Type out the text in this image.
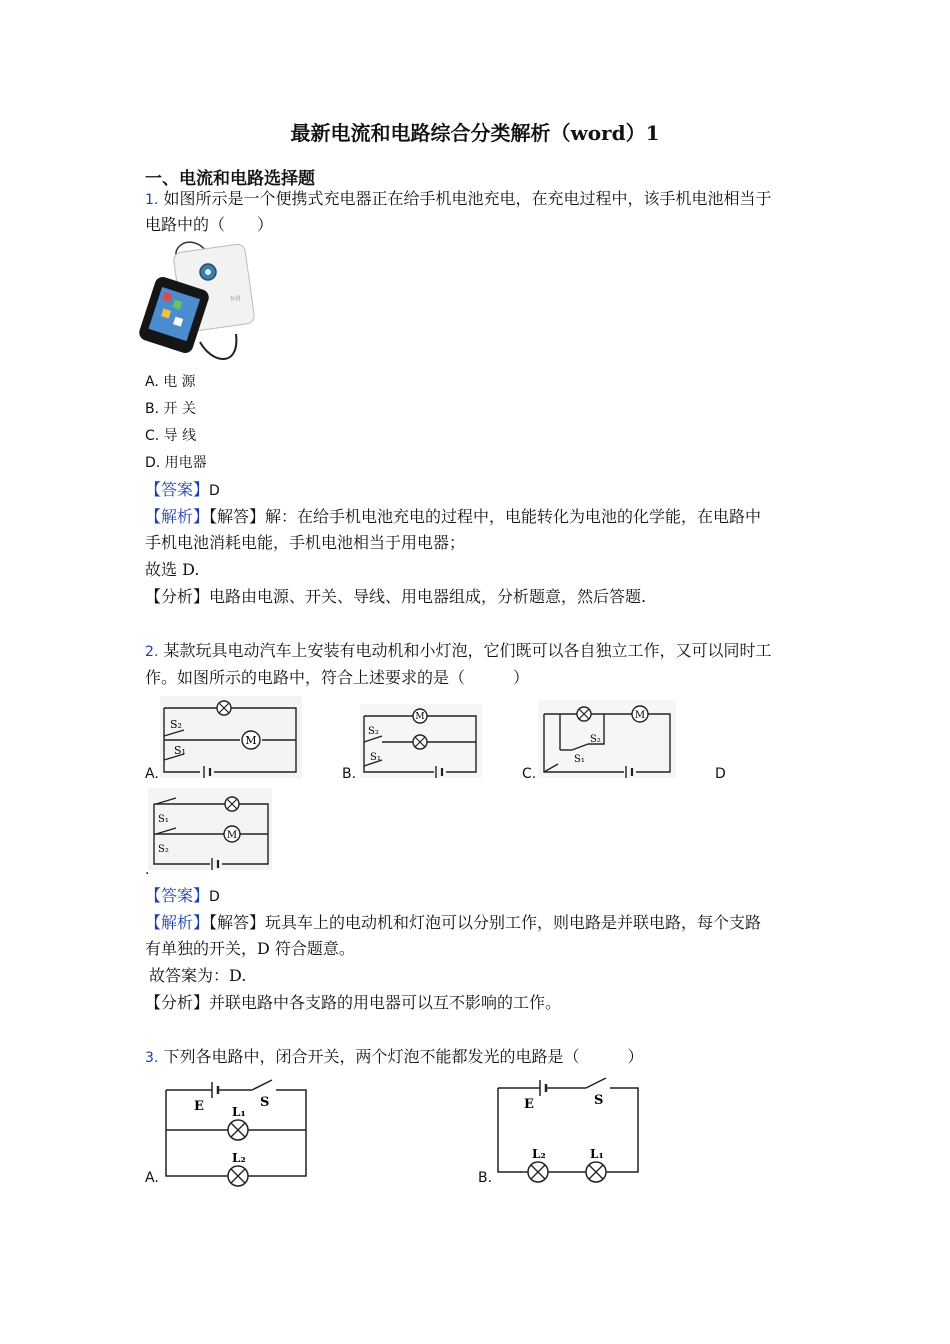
最新电流和电路综合分类解析（word）1
一、电流和电路选择题
1. 如图所示是一个便携式充电器正在给手机电池充电，在充电过程中，该手机电池相当于
电路中的（　　）
公司
A. 电 源
B. 开 关
C. 导 线
D. 用电器
【答案】D
【解析】【解答】解：在给手机电池充电的过程中，电能转化为电池的化学能，在电路中
手机电池消耗电能，手机电池相当于用电器；
故选 D.
【分析】电路由电源、开关、导线、用电器组成，分析题意，然后答题.
2. 某款玩具电动汽车上安装有电动机和小灯泡，它们既可以各自独立工作，又可以同时工
作。如图所示的电路中，符合上述要求的是（　　　）
M
S₂
S₁
A.
M
S₂
S₁
B.
M
S₂
S₁
C.	D
M
S₁
S₂
.
【答案】D
【解析】【解答】玩具车上的电动机和灯泡可以分别工作，则电路是并联电路，每个支路
有单独的开关，D 符合题意。
故答案为：D.
【分析】并联电路中各支路的用电器可以互不影响的工作。
3. 下列各电路中，闭合开关，两个灯泡不能都发光的电路是（　　　）
E	S
L₁
L₂
A.
E	S
L₂	L₁
B.
